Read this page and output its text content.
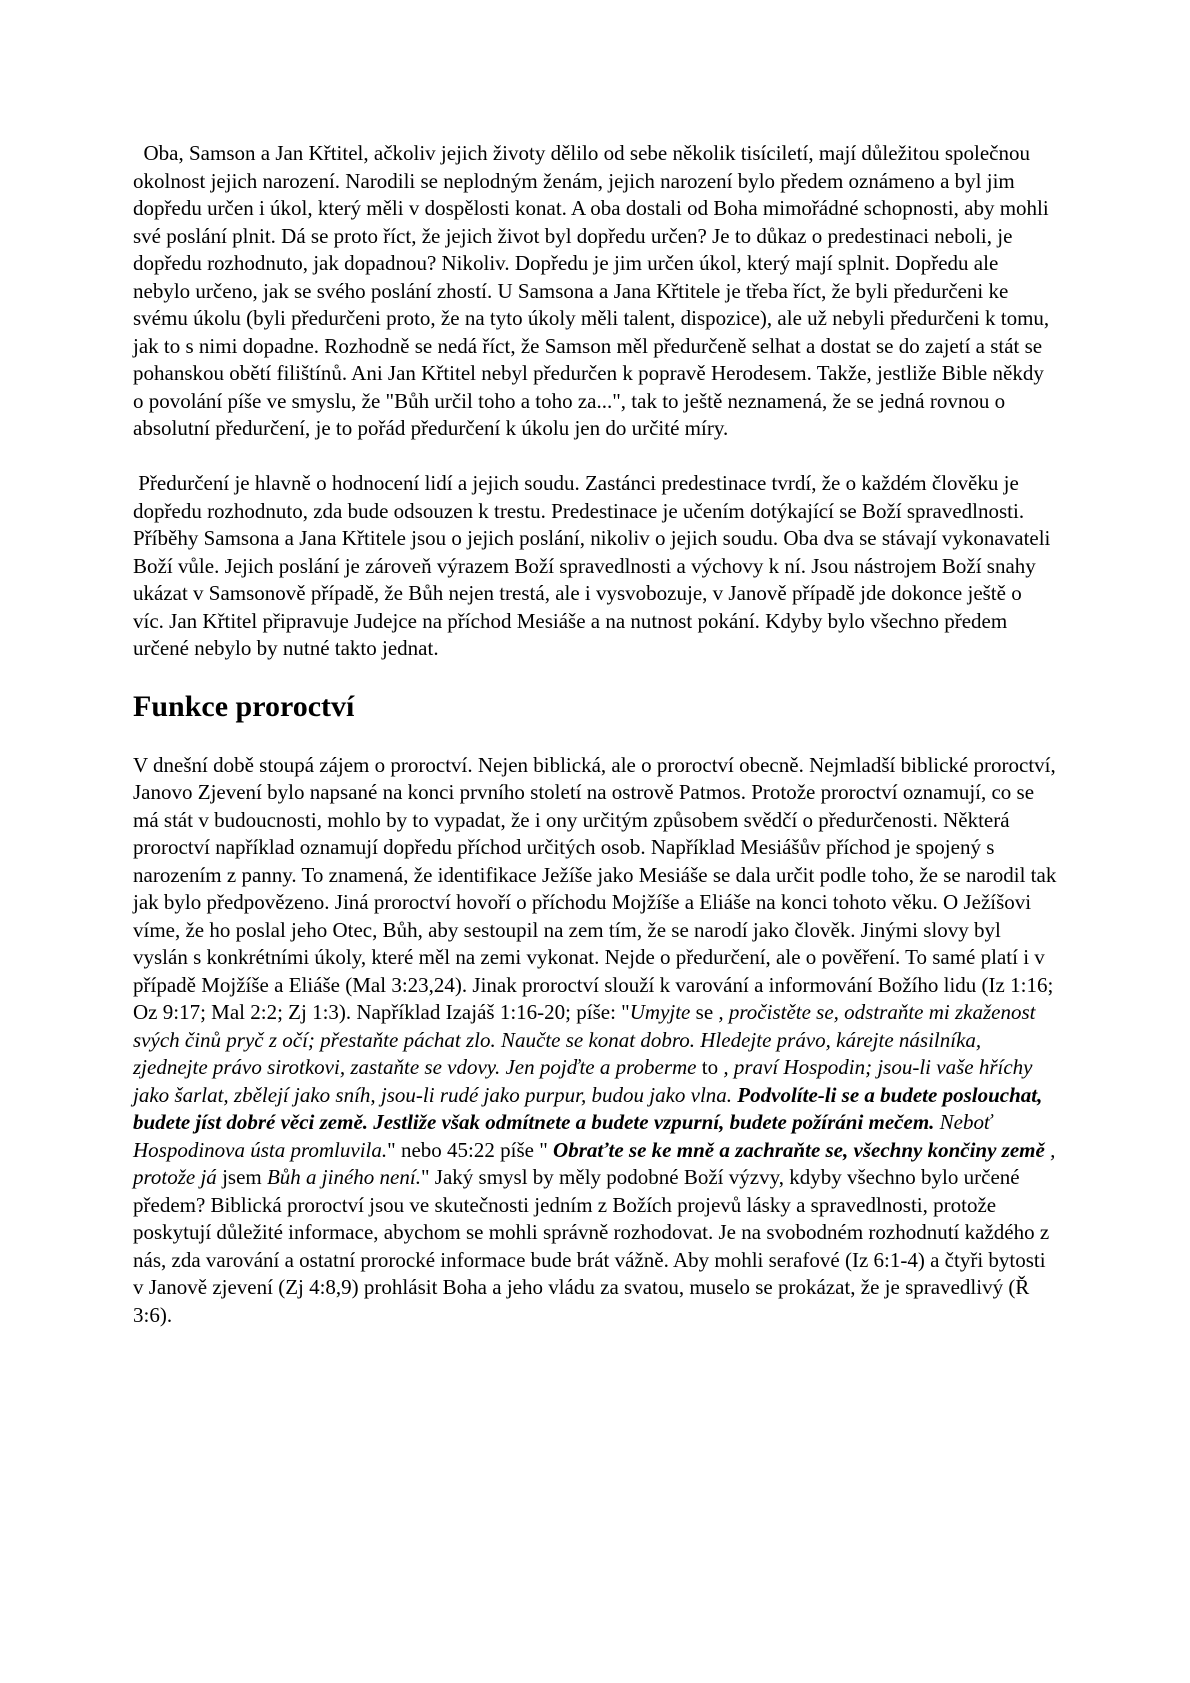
Oba, Samson a Jan Křtitel, ačkoliv jejich životy dělilo od sebe několik tisíciletí, mají důležitou společnou okolnost jejich narození. Narodili se neplodným ženám, jejich narození bylo předem oznámeno a byl jim dopředu určen i úkol, který měli v dospělosti konat. A oba dostali od Boha mimořádné schopnosti, aby mohli své poslání plnit. Dá se proto říct, že jejich život byl dopředu určen? Je to důkaz o predestinaci neboli, je dopředu rozhodnuto, jak dopadnou? Nikoliv. Dopředu je jim určen úkol, který mají splnit. Dopředu ale nebylo určeno, jak se svého poslání zhostí. U Samsona a Jana Křtitele je třeba říct, že byli předurčeni ke svému úkolu (byli předurčeni proto, že na tyto úkoly měli talent, dispozice), ale už nebyli předurčeni k tomu, jak to s nimi dopadne. Rozhodně se nedá říct, že Samson měl předurčeně selhat a dostat se do zajetí a stát se pohanskou obětí filištínů. Ani Jan Křtitel nebyl předurčen k popravě Herodesem. Takže, jestliže Bible někdy o povolání píše ve smyslu, že "Bůh určil toho a toho za...", tak to ještě neznamená, že se jedná rovnou o absolutní předurčení, je to pořád předurčení k úkolu jen do určité míry.
Předurčení je hlavně o hodnocení lidí a jejich soudu. Zastánci predestinace tvrdí, že o každém člověku je dopředu rozhodnuto, zda bude odsouzen k trestu. Predestinace je učením dotýkající se Boží spravedlnosti. Příběhy Samsona a Jana Křtitele jsou o jejich poslání, nikoliv o jejich soudu. Oba dva se stávají vykonavateli Boží vůle. Jejich poslání je zároveň výrazem Boží spravedlnosti a výchovy k ní. Jsou nástrojem Boží snahy ukázat v Samsonově případě, že Bůh nejen trestá, ale i vysvobozuje, v Janově případě jde dokonce ještě o víc. Jan Křtitel připravuje Judejce na příchod Mesiáše a na nutnost pokání. Kdyby bylo všechno předem určené nebylo by nutné takto jednat.
Funkce proroctví
V dnešní době stoupá zájem o proroctví. Nejen biblická, ale o proroctví obecně. Nejmladší biblické proroctví, Janovo Zjevení bylo napsané na konci prvního století na ostrově Patmos. Protože proroctví oznamují, co se má stát v budoucnosti, mohlo by to vypadat, že i ony určitým způsobem svědčí o předurčenosti. Některá proroctví například oznamují dopředu příchod určitých osob. Například Mesiášův příchod je spojený s narozením z panny. To znamená, že identifikace Ježíše jako Mesiáše se dala určit podle toho, že se narodil tak jak bylo předpovězeno. Jiná proroctví hovoří o příchodu Mojžíše a Eliáše na konci tohoto věku. O Ježíšovi víme, že ho poslal jeho Otec, Bůh, aby sestoupil na zem tím, že se narodí jako člověk. Jinými slovy byl vyslán s konkrétními úkoly, které měl na zemi vykonat. Nejde o předurčení, ale o pověření. To samé platí i v případě Mojžíše a Eliáše (Mal 3:23,24). Jinak proroctví slouží k varování a informování Božího lidu (Iz 1:16; Oz 9:17; Mal 2:2; Zj 1:3). Například Izajáš 1:16-20; píše: "Umyjte se , pročistěte se, odstraňte mi zkaženost svých činů pryč z očí; přestaňte páchat zlo. Naučte se konat dobro. Hledejte právo, kárejte násilníka, zjednejte právo sirotkovi, zastaňte se vdovy. Jen pojďte a proberme to , praví Hospodin; jsou-li vaše hříchy jako šarlat, zbělejí jako sníh, jsou-li rudé jako purpur, budou jako vlna. Podvolíte-li se a budete poslouchat, budete jíst dobré věci země. Jestliže však odmítnete a budete vzpurní, budete požíráni mečem. Neboť Hospodinova ústa promluvila." nebo 45:22 píše " Obraťte se ke mně a zachraňte se, všechny končiny země , protože já jsem Bůh a jiného není." Jaký smysl by měly podobné Boží výzvy, kdyby všechno bylo určené předem? Biblická proroctví jsou ve skutečnosti jedním z Božích projevů lásky a spravedlnosti, protože poskytují důležité informace, abychom se mohli správně rozhodovat. Je na svobodném rozhodnutí každého z nás, zda varování a ostatní prorocké informace bude brát vážně. Aby mohli serafové (Iz 6:1-4) a čtyři bytosti v Janově zjevení (Zj 4:8,9) prohlásit Boha a jeho vládu za svatou, muselo se prokázat, že je spravedlivý (Ř 3:6).
